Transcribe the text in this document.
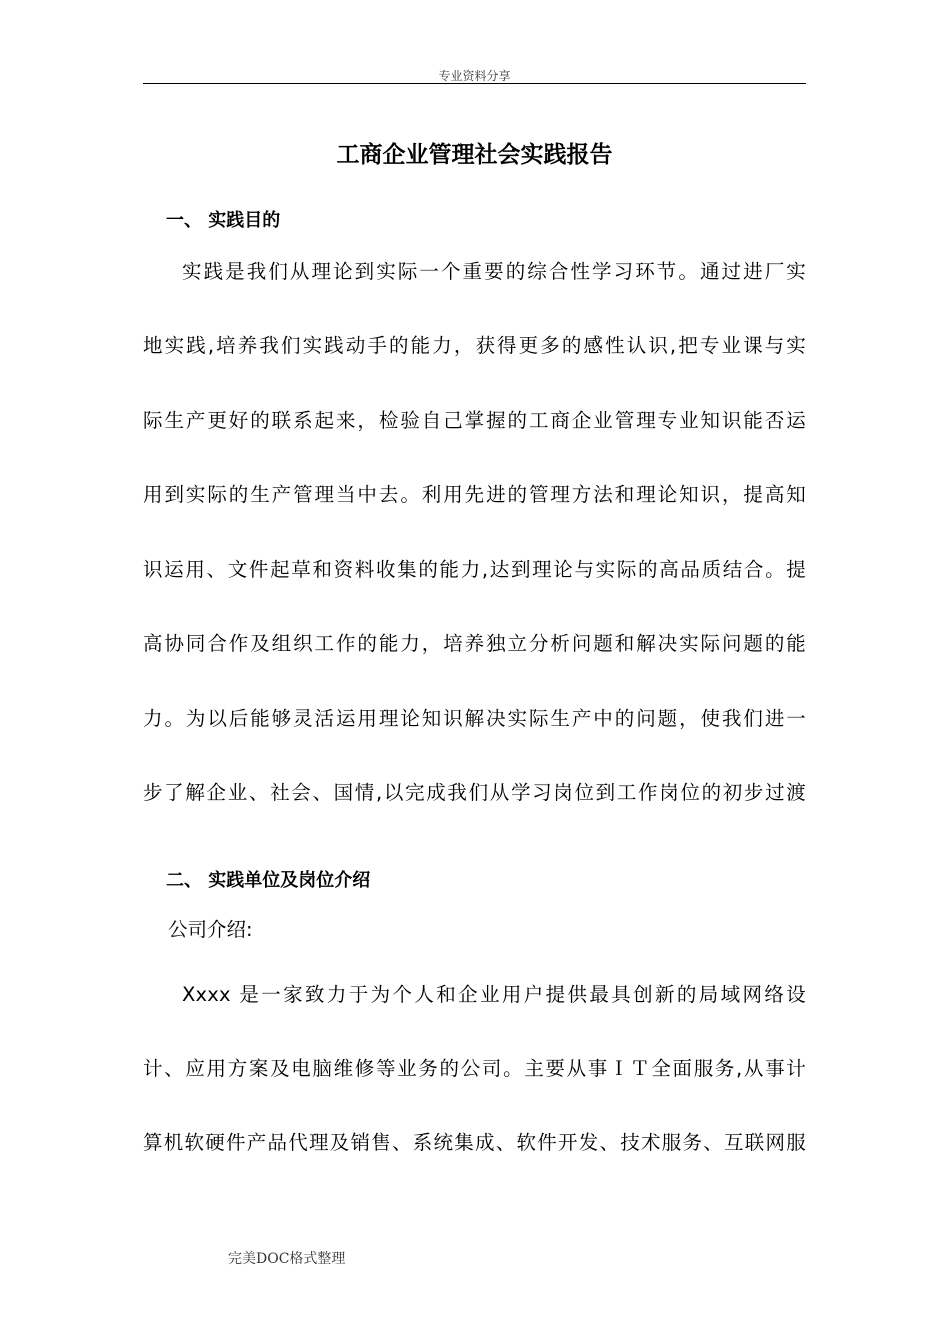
专业资料分享
工商企业管理社会实践报告
一、 实践目的
实践是我们从理论到实际一个重要的综合性学习环节。通过进厂实
地实践,培养我们实践动手的能力，获得更多的感性认识,把专业课与实
际生产更好的联系起来，检验自己掌握的工商企业管理专业知识能否运
用到实际的生产管理当中去。利用先进的管理方法和理论知识，提高知
识运用、文件起草和资料收集的能力,达到理论与实际的高品质结合。提
高协同合作及组织工作的能力，培养独立分析问题和解决实际问题的能
力。为以后能够灵活运用理论知识解决实际生产中的问题，使我们进一
步了解企业、社会、国情,以完成我们从学习岗位到工作岗位的初步过渡
二、 实践单位及岗位介绍
公司介绍:
Xxxx 是一家致力于为个人和企业用户提供最具创新的局域网络设
计、应用方案及电脑维修等业务的公司。主要从事ＩＴ全面服务,从事计
算机软硬件产品代理及销售、系统集成、软件开发、技术服务、互联网服
完美DOC格式整理
